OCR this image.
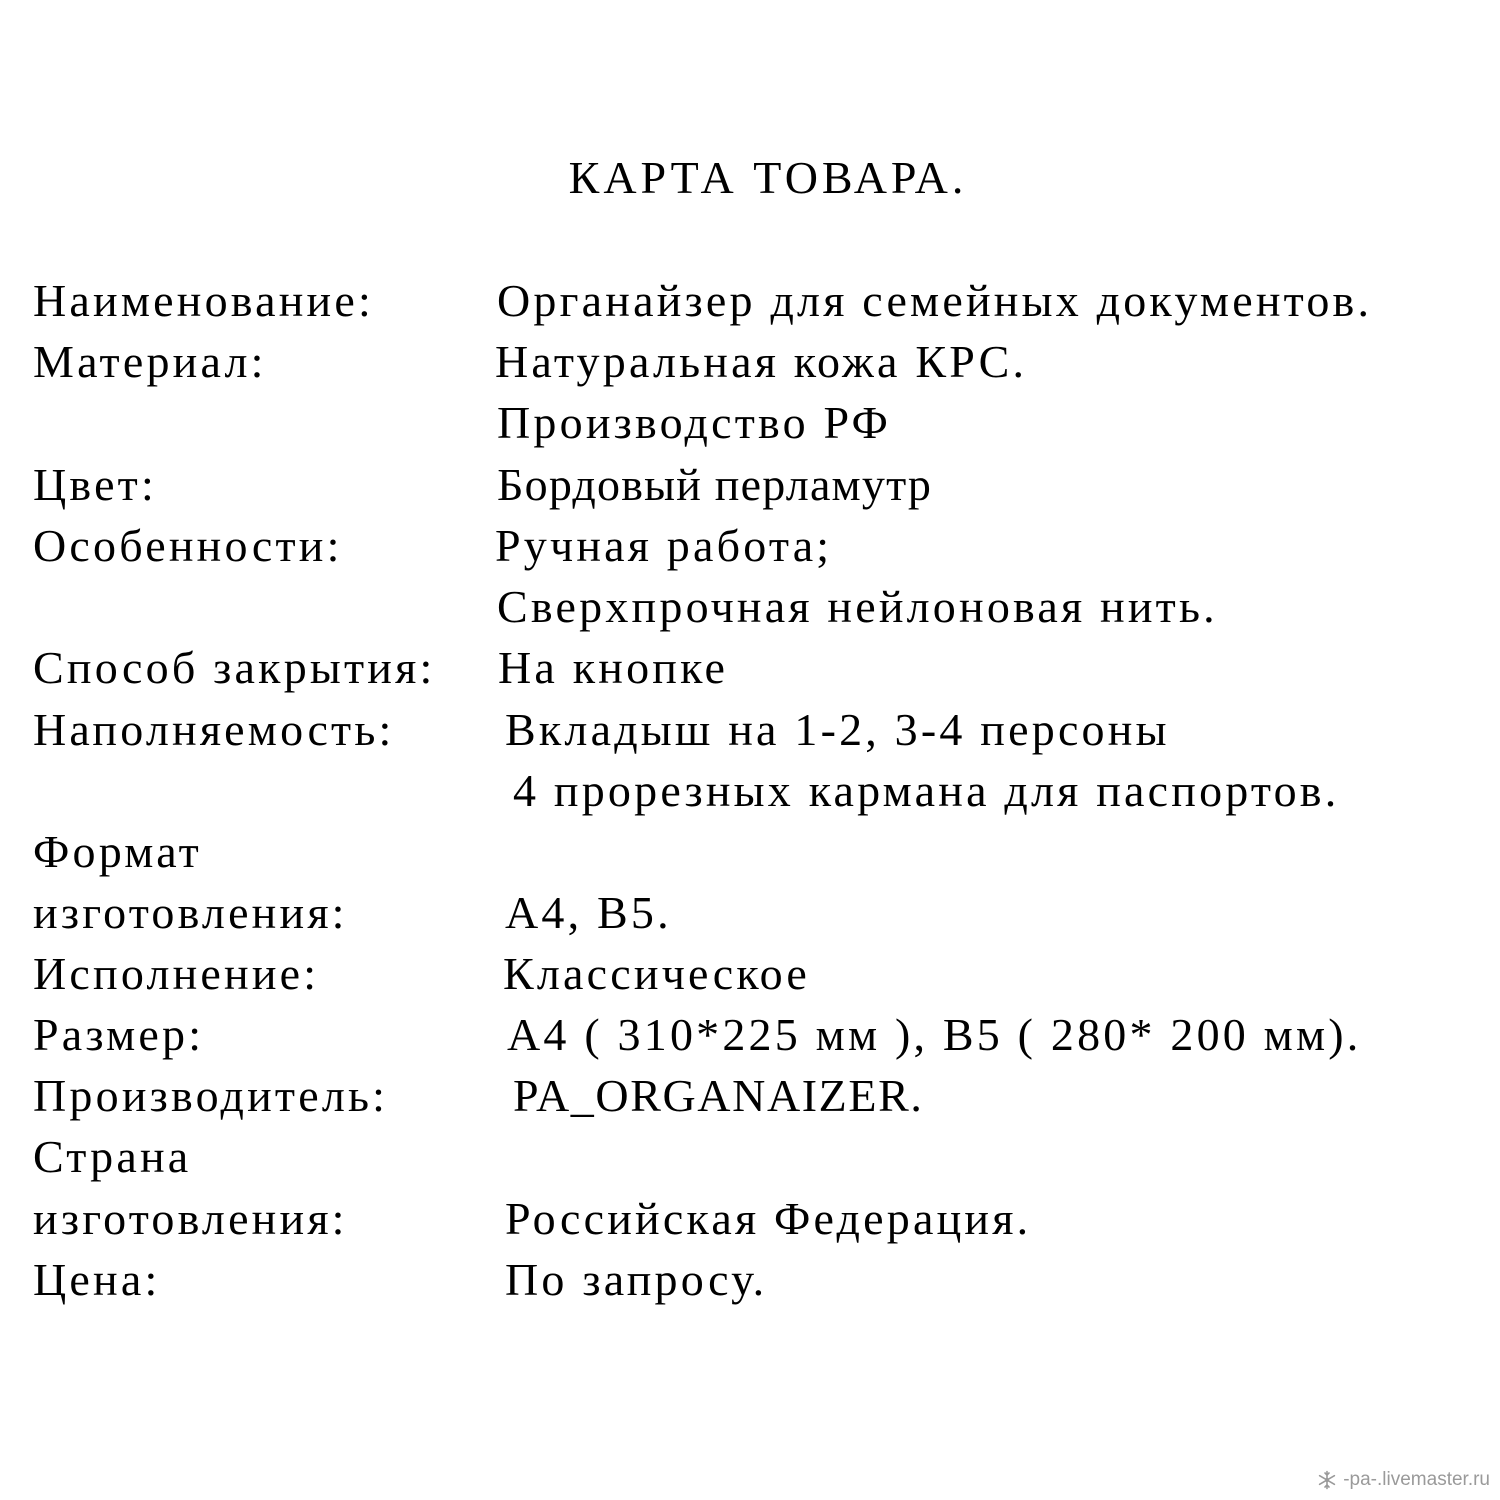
КАРТА ТОВАРА.
Наименование:	Органайзер для семейных документов.
Материал:	Натуральная кожа КРС.
Производство РФ
Цвет:	Бордовый перламутр
Особенности:	Ручная работа;
Сверхпрочная нейлоновая нить.
Способ закрытия: На кнопке
Наполняемость: Вкладыш на 1-2, 3-4 персоны
4 прорезных кармана для паспортов.
Формат
изготовления:	A4, B5.
Исполнение:	Классическое
Размер:	A4 ( 310*225 мм ), B5 ( 280* 200 мм).
Производитель:	PA_ORGANAIZER.
Страна
изготовления:	Российская Федерация.
Цена:	По запросу.
-pa-.livemaster.ru
